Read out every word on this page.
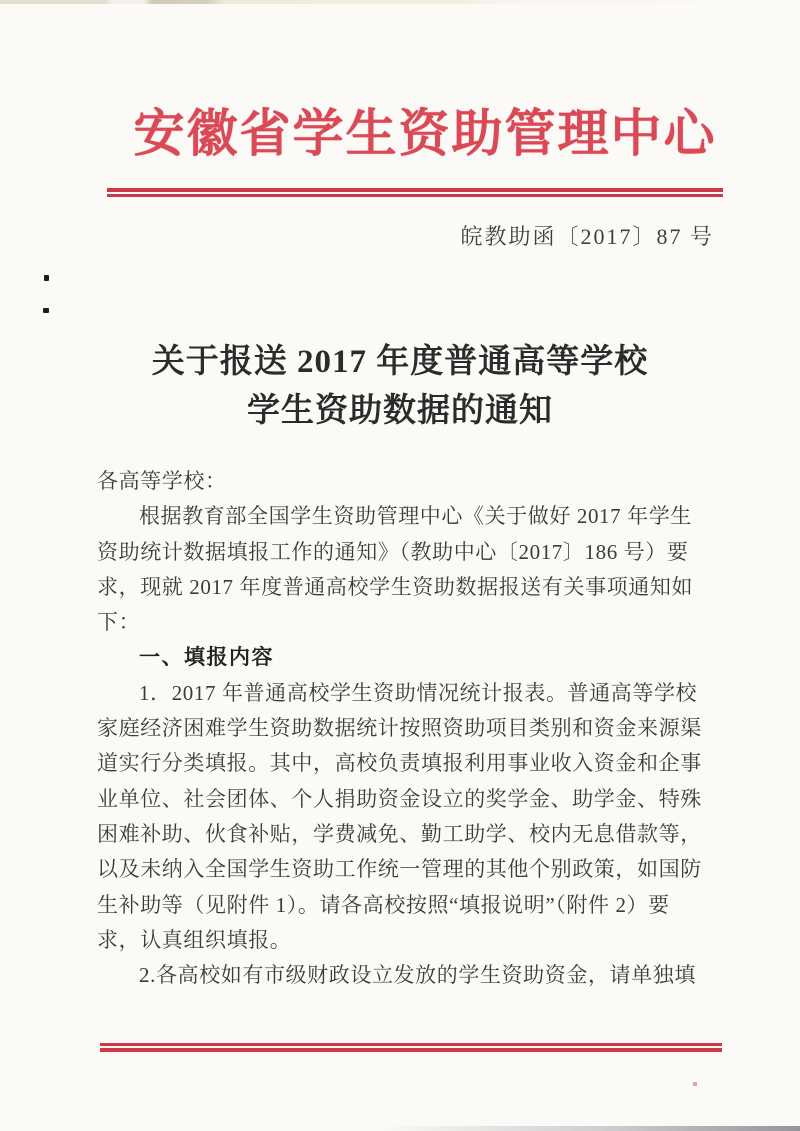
安徽省学生资助管理中心
皖教助函〔2017〕87 号
关于报送 2017 年度普通高等学校
学生资助数据的通知
各高等学校：
根据教育部全国学生资助管理中心《关于做好 2017 年学生
资助统计数据填报工作的通知》（教助中心〔2017〕186 号）要
求，现就 2017 年度普通高校学生资助数据报送有关事项通知如
下：
一、填报内容
1．2017 年普通高校学生资助情况统计报表。普通高等学校
家庭经济困难学生资助数据统计按照资助项目类别和资金来源渠
道实行分类填报。其中，高校负责填报利用事业收入资金和企事
业单位、社会团体、个人捐助资金设立的奖学金、助学金、特殊
困难补助、伙食补贴，学费减免、勤工助学、校内无息借款等，
以及未纳入全国学生资助工作统一管理的其他个别政策，如国防
生补助等（见附件 1）。请各高校按照“填报说明”（附件 2）要
求，认真组织填报。
2.各高校如有市级财政设立发放的学生资助资金，请单独填
